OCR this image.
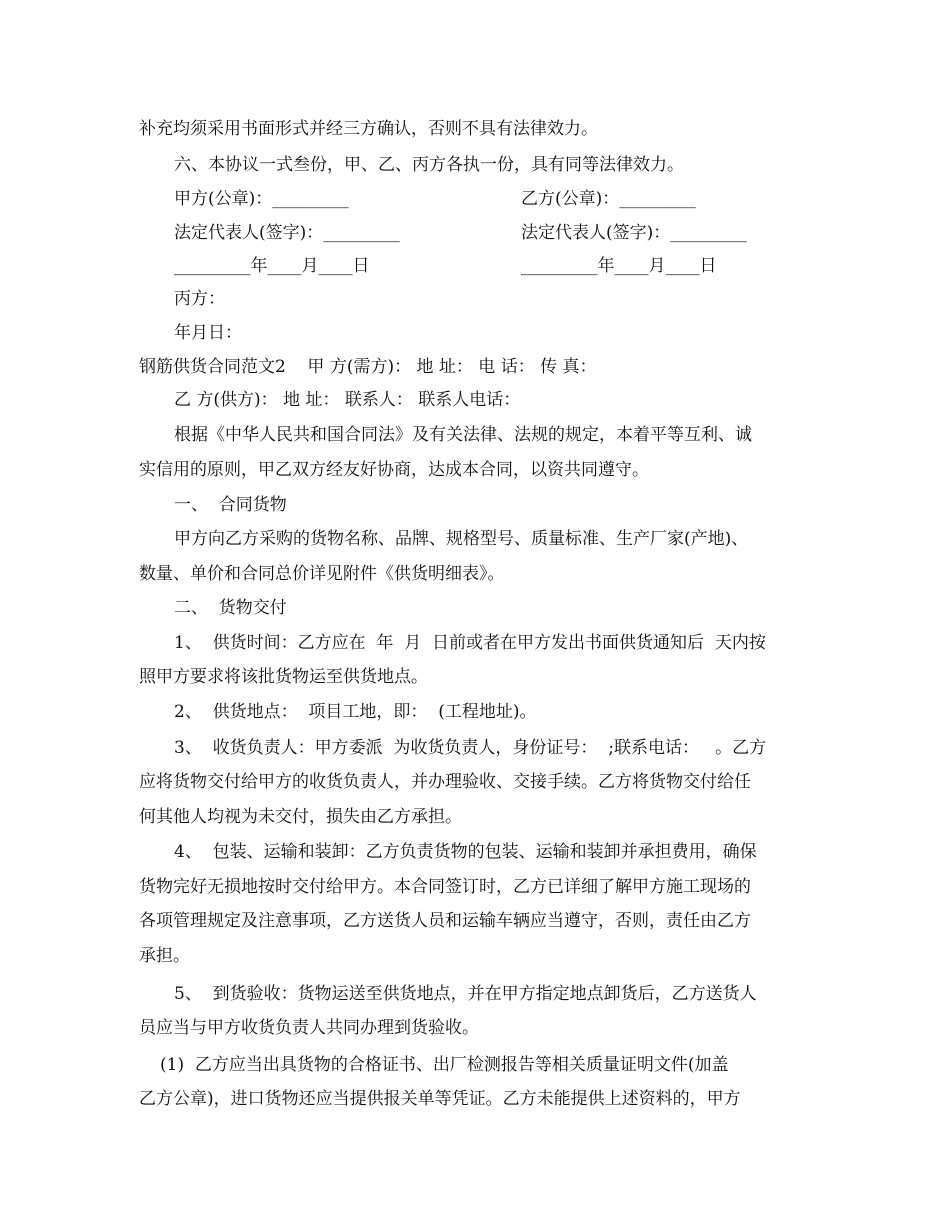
补充均须采用书面形式并经三方确认，否则不具有法律效力。
六、本协议一式叁份，甲、乙、丙方各执一份，具有同等法律效力。
甲方(公章)：_________	乙方(公章)：_________
法定代表人(签字)：_________	法定代表人(签字)：_________
_________年____月____日	_________年____月____日
丙方：
年月日：
钢筋供货合同范文2    甲 方(需方)： 地 址： 电 话： 传 真：
乙 方(供方)： 地 址： 联系人： 联系人电话：
根据《中华人民共和国合同法》及有关法律、法规的规定，本着平等互利、诚
实信用的原则，甲乙双方经友好协商，达成本合同，以资共同遵守。
一、  合同货物
甲方向乙方采购的货物名称、品牌、规格型号、质量标准、生产厂家(产地)、
数量、单价和合同总价详见附件《供货明细表》。
二、  货物交付
1、  供货时间：乙方应在  年  月  日前或者在甲方发出书面供货通知后  天内按
照甲方要求将该批货物运至供货地点。
2、  供货地点：  项目工地，即：  (工程地址)。
3、  收货负责人：甲方委派  为收货负责人，身份证号：  ;联系电话：   。乙方
应将货物交付给甲方的收货负责人，并办理验收、交接手续。乙方将货物交付给任
何其他人均视为未交付，损失由乙方承担。
4、  包装、运输和装卸：乙方负责货物的包装、运输和装卸并承担费用，确保
货物完好无损地按时交付给甲方。本合同签订时，乙方已详细了解甲方施工现场的
各项管理规定及注意事项，乙方送货人员和运输车辆应当遵守，否则，责任由乙方
承担。
5、  到货验收：货物运送至供货地点，并在甲方指定地点卸货后，乙方送货人
员应当与甲方收货负责人共同办理到货验收。
(1)  乙方应当出具货物的合格证书、出厂检测报告等相关质量证明文件(加盖
乙方公章)，进口货物还应当提供报关单等凭证。乙方未能提供上述资料的，甲方
